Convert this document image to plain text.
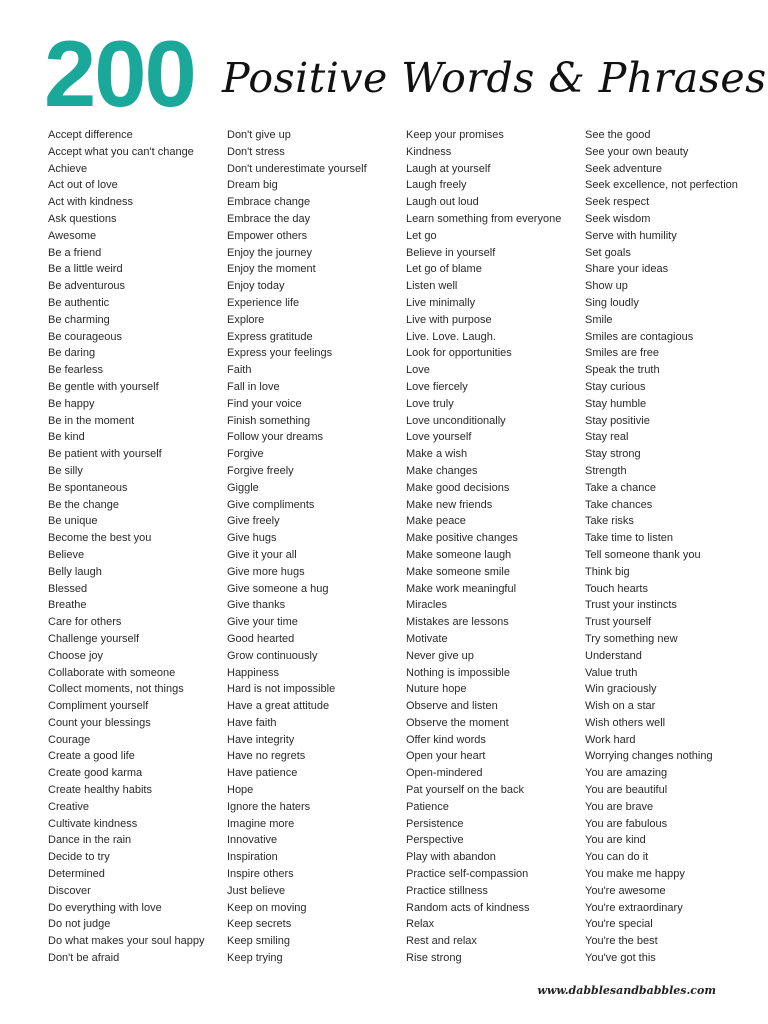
200 Positive Words & Phrases
Accept difference
Accept what you can't change
Achieve
Act out of love
Act with kindness
Ask questions
Awesome
Be a friend
Be a little weird
Be adventurous
Be authentic
Be charming
Be courageous
Be daring
Be fearless
Be gentle with yourself
Be happy
Be in the moment
Be kind
Be patient with yourself
Be silly
Be spontaneous
Be the change
Be unique
Become the best you
Believe
Belly laugh
Blessed
Breathe
Care for others
Challenge yourself
Choose joy
Collaborate with someone
Collect moments, not things
Compliment yourself
Count your blessings
Courage
Create a good life
Create good karma
Create healthy habits
Creative
Cultivate kindness
Dance in the rain
Decide to try
Determined
Discover
Do everything with love
Do not judge
Do what makes your soul happy
Don't be afraid
Don't give up
Don't stress
Don't underestimate yourself
Dream big
Embrace change
Embrace the day
Empower others
Enjoy the journey
Enjoy the moment
Enjoy today
Experience life
Explore
Express gratitude
Express your feelings
Faith
Fall in love
Find your voice
Finish something
Follow your dreams
Forgive
Forgive freely
Giggle
Give compliments
Give freely
Give hugs
Give it your all
Give more hugs
Give someone a hug
Give thanks
Give your time
Good hearted
Grow continuously
Happiness
Hard is not impossible
Have a great attitude
Have faith
Have integrity
Have no regrets
Have patience
Hope
Ignore the haters
Imagine more
Innovative
Inspiration
Inspire others
Just believe
Keep on moving
Keep secrets
Keep smiling
Keep trying
Keep your promises
Kindness
Laugh at yourself
Laugh freely
Laugh out loud
Learn something from everyone
Let go
Believe in yourself
Let go of blame
Listen well
Live minimally
Live with purpose
Live. Love. Laugh.
Look for opportunities
Love
Love fiercely
Love truly
Love unconditionally
Love yourself
Make a wish
Make changes
Make good decisions
Make new friends
Make peace
Make positive changes
Make someone laugh
Make someone smile
Make work meaningful
Miracles
Mistakes are lessons
Motivate
Never give up
Nothing is impossible
Nuture hope
Observe and listen
Observe the moment
Offer kind words
Open your heart
Open-mindered
Pat yourself on the back
Patience
Persistence
Perspective
Play with abandon
Practice self-compassion
Practice stillness
Random acts of kindness
Relax
Rest and relax
Rise strong
See the good
See your own beauty
Seek adventure
Seek excellence, not perfection
Seek respect
Seek wisdom
Serve with humility
Set goals
Share your ideas
Show up
Sing loudly
Smile
Smiles are contagious
Smiles are free
Speak the truth
Stay curious
Stay humble
Stay positivie
Stay real
Stay strong
Strength
Take a chance
Take chances
Take risks
Take time to listen
Tell someone thank you
Think big
Touch hearts
Trust your instincts
Trust yourself
Try something new
Understand
Value truth
Win graciously
Wish on a star
Wish others well
Work hard
Worrying changes nothing
You are amazing
You are beautiful
You are brave
You are fabulous
You are kind
You can do it
You make me happy
You're awesome
You're extraordinary
You're special
You're the best
You've got this
www.dabblesandbabbles.com
